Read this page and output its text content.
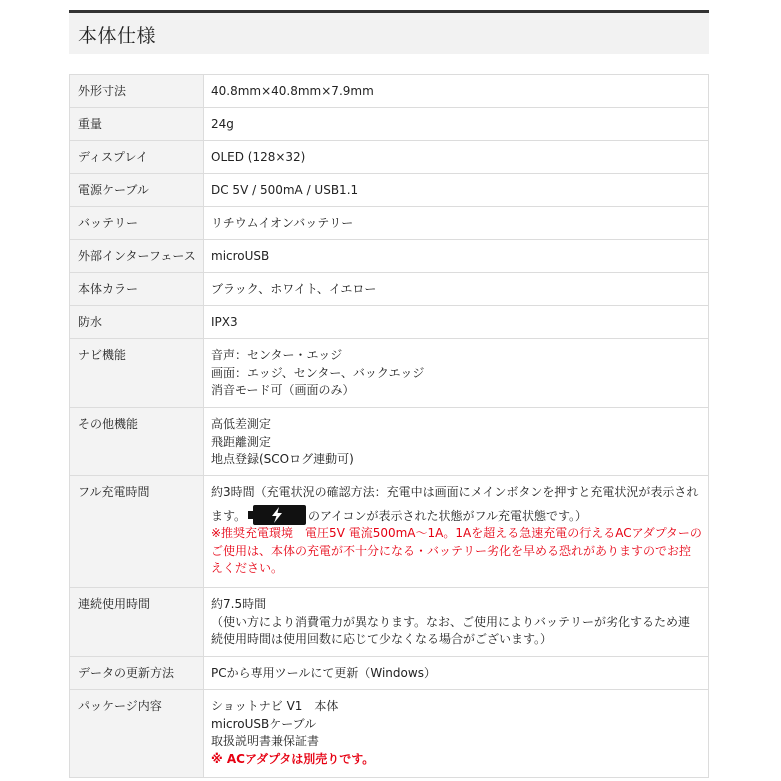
本体仕様
外形寸法	40.8mm×40.8mm×7.9mm
重量	24g
ディスプレイ	OLED (128×32)
電源ケーブル	DC 5V / 500mA / USB1.1
バッテリー	リチウムイオンバッテリー
外部インターフェース	microUSB
本体カラー	ブラック、ホワイト、イエロー
防水	IPX3
ナビ機能	音声：センター・エッジ
画面：エッジ、センター、バックエッジ
消音モード可（画面のみ）

その他機能	高低差測定
飛距離測定
地点登録(SCOログ連動可)

フル充電時間	約3時間（充電状況の確認方法：充電中は画面にメインボタンを押すと充電状況が表示され
ます。 のアイコンが表示された状態がフル充電状態です。）
※推奨充電環境　電圧5V 電流500mA〜1A。1Aを超える急速充電の行えるACアダプターのご使用は、本体の充電が不十分になる・バッテリー劣化を早める恐れがありますのでお控えください。

連続使用時間	約7.5時間
（使い方により消費電力が異なります。なお、ご使用によりバッテリーが劣化するため連続使用時間は使用回数に応じて少なくなる場合がございます。）

データの更新方法	PCから専用ツールにて更新（Windows）
パッケージ内容	ショットナビ V1　本体
microUSBケーブル
取扱説明書兼保証書
※ ACアダプタは別売りです。
